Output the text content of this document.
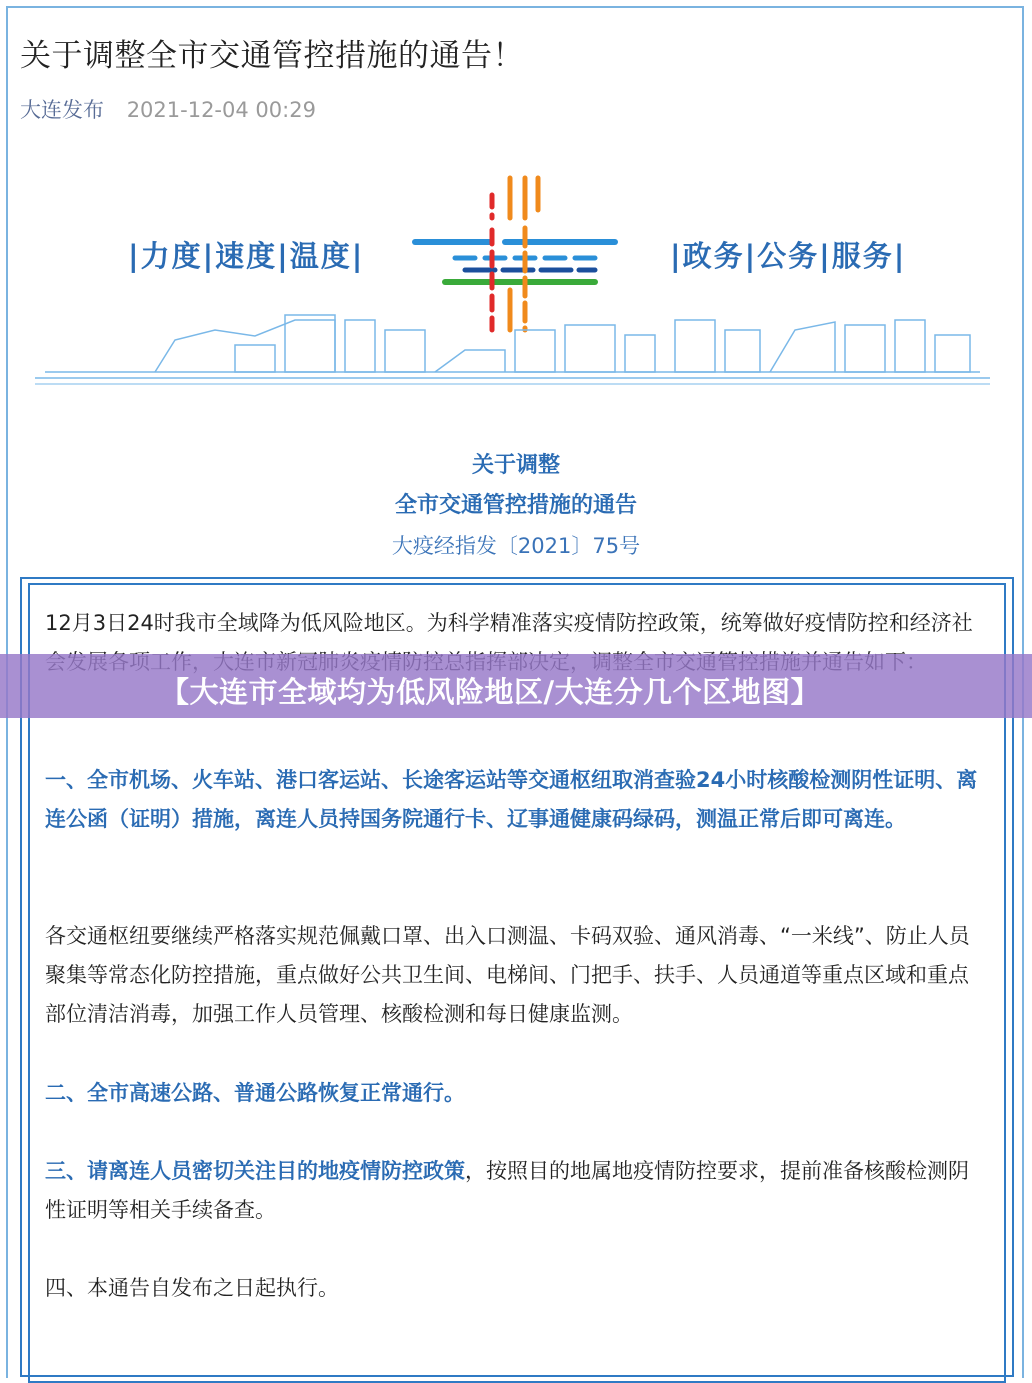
关于调整全市交通管控措施的通告！
大连发布 2021-12-04 00:29
|力度|速度|温度|	|政务|公务|服务|
关于调整
全市交通管控措施的通告
大疫经指发〔2021〕75号
12月3日24时我市全域降为低风险地区。为科学精准落实疫情防控政策，统筹做好疫情防控和经济社
一、全市机场、火车站、港口客运站、长途客运站等交通枢纽取消查验24小时核酸检测阴性证明、离连公函（证明）措施，离连人员持国务院通行卡、辽事通健康码绿码，测温正常后即可离连。
各交通枢纽要继续严格落实规范佩戴口罩、出入口测温、卡码双验、通风消毒、“一米线”、防止人员聚集等常态化防控措施，重点做好公共卫生间、电梯间、门把手、扶手、人员通道等重点区域和重点部位清洁消毒，加强工作人员管理、核酸检测和每日健康监测。
二、全市高速公路、普通公路恢复正常通行。
三、请离连人员密切关注目的地疫情防控政策，按照目的地属地疫情防控要求，提前准备核酸检测阴性证明等相关手续备查。
四、本通告自发布之日起执行。
【大连市全域均为低风险地区/大连分几个区地图】
